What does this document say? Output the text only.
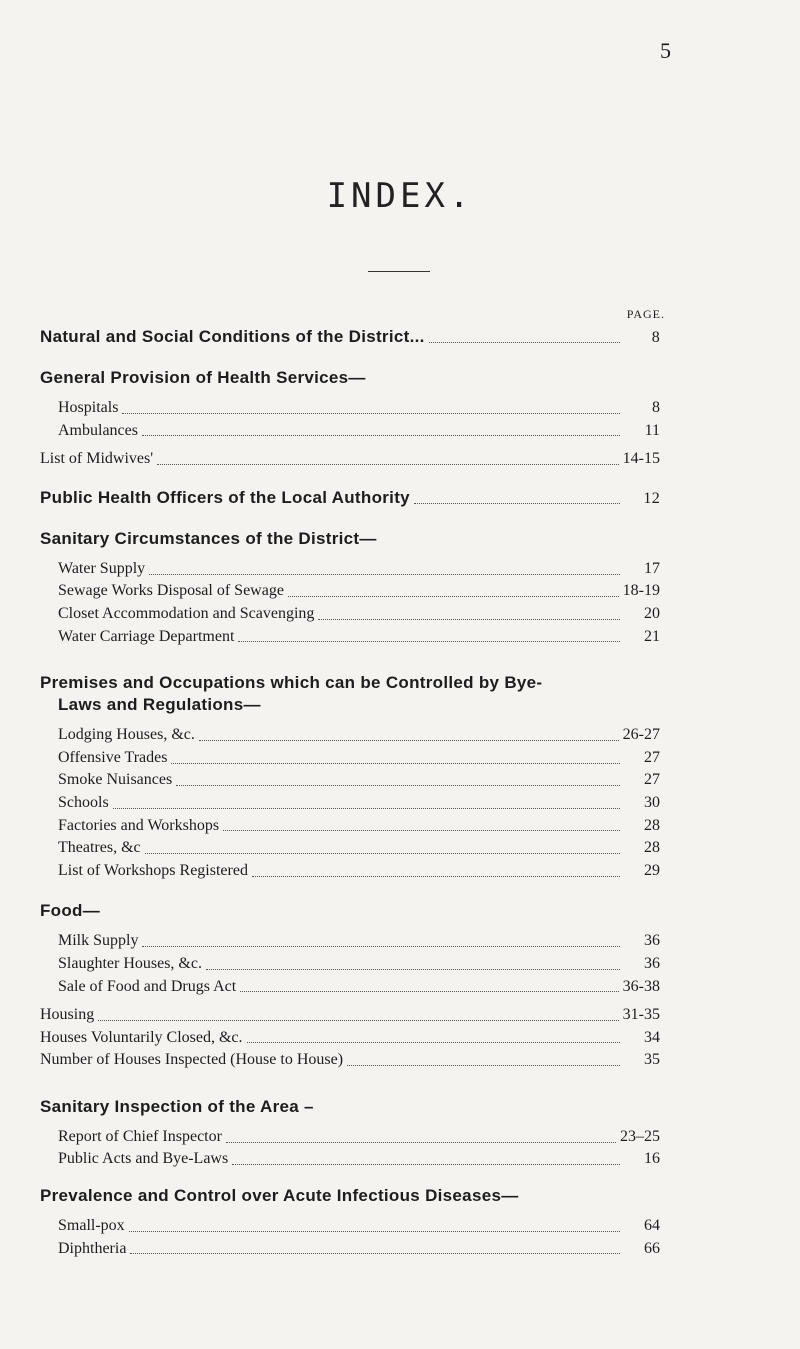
5
INDEX.
PAGE.
Natural and Social Conditions of the District...	8
General Provision of Health Services—
Hospitals	8
Ambulances	11
List of Midwives'	14-15
Public Health Officers of the Local Authority	12
Sanitary Circumstances of the District—
Water Supply	17
Sewage Works Disposal of Sewage	18-19
Closet Accommodation and Scavenging	20
Water Carriage Department	21
Premises and Occupations which can be Controlled by Bye-
Laws and Regulations—
Lodging Houses, &c.	26-27
Offensive Trades	27
Smoke Nuisances	27
Schools	30
Factories and Workshops	28
Theatres, &c	28
List of Workshops Registered	29
Food—
Milk Supply	36
Slaughter Houses, &c.	36
Sale of Food and Drugs Act	36-38
Housing	31-35
Houses Voluntarily Closed, &c.	34
Number of Houses Inspected (House to House)	35
Sanitary Inspection of the Area –
Report of Chief Inspector	23–25
Public Acts and Bye-Laws	16
Prevalence and Control over Acute Infectious Diseases—
Small-pox	64
Diphtheria	66
